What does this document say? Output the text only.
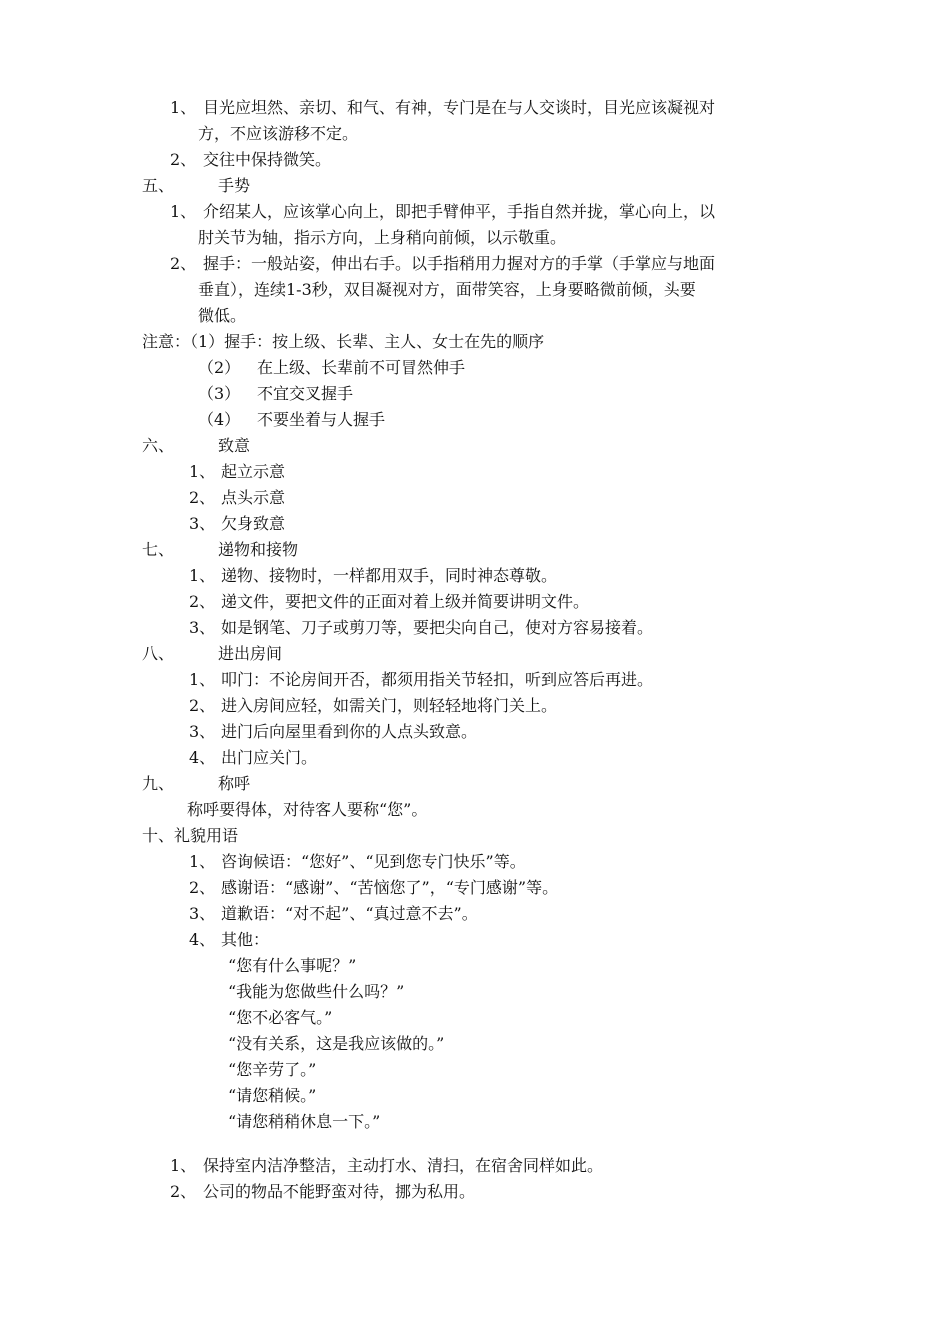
1、 目光应坦然、亲切、和气、有神，专门是在与人交谈时，目光应该凝视对
方，不应该游移不定。
2、 交往中保持微笑。
五、	手势
1、 介绍某人，应该掌心向上，即把手臂伸平，手指自然并拢，掌心向上，以
肘关节为轴，指示方向，上身稍向前倾，以示敬重。
2、 握手：一般站姿，伸出右手。以手指稍用力握对方的手掌（手掌应与地面
垂直），连续1-3秒，双目凝视对方，面带笑容，上身要略微前倾，头要
微低。
注意：（1）握手：按上级、长辈、主人、女士在先的顺序
（2） 在上级、长辈前不可冒然伸手
（3） 不宜交叉握手
（4） 不要坐着与人握手
六、	致意
1、 起立示意
2、 点头示意
3、 欠身致意
七、	递物和接物
1、 递物、接物时，一样都用双手，同时神态尊敬。
2、 递文件，要把文件的正面对着上级并简要讲明文件。
3、 如是钢笔、刀子或剪刀等，要把尖向自己，使对方容易接着。
八、	进出房间
1、 叩门：不论房间开否，都须用指关节轻扣，听到应答后再进。
2、 进入房间应轻，如需关门，则轻轻地将门关上。
3、 进门后向屋里看到你的人点头致意。
4、 出门应关门。
九、	称呼
称呼要得体，对待客人要称“您”。
十、礼貌用语
1、 咨询候语：“您好”、“见到您专门快乐”等。
2、 感谢语：“感谢”、“苦恼您了”，“专门感谢”等。
3、 道歉语：“对不起”、“真过意不去”。
4、 其他：
“您有什么事呢？”
“我能为您做些什么吗？”
“您不必客气。”
“没有关系，这是我应该做的。”
“您辛劳了。”
“请您稍候。”
“请您稍稍休息一下。”
1、 保持室内洁净整洁，主动打水、清扫，在宿舍同样如此。
2、 公司的物品不能野蛮对待，挪为私用。
